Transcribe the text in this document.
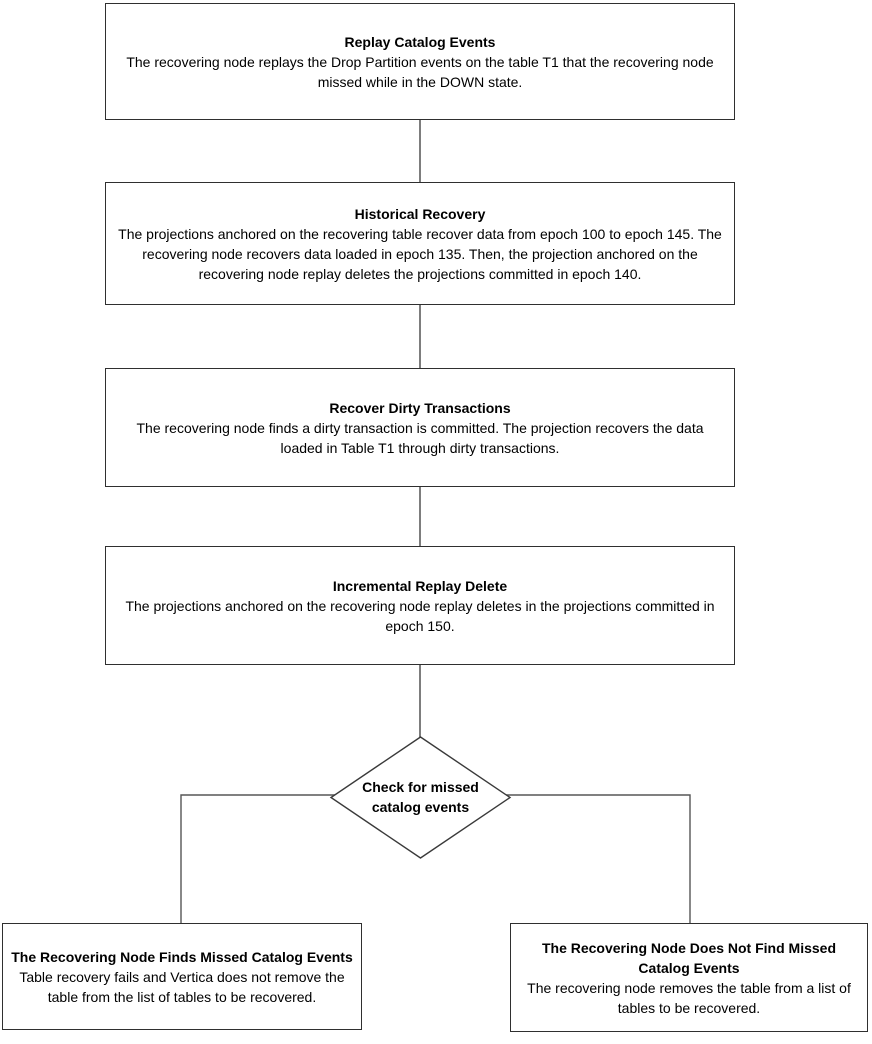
Replay Catalog Events
The recovering node replays the Drop Partition events on the table T1 that the recovering node missed while in the DOWN state.
Historical Recovery
The projections anchored on the recovering table recover data from epoch 100 to epoch 145. The recovering node recovers data loaded in epoch 135. Then, the projection anchored on the recovering node replay deletes the projections committed in epoch 140.
Recover Dirty Transactions
The recovering node finds a dirty transaction is committed. The projection recovers the data loaded in Table T1 through dirty transactions.
Incremental Replay Delete
The projections anchored on the recovering node replay deletes in the projections committed in epoch 150.
Check for missed catalog events
The Recovering Node Finds Missed Catalog Events
Table recovery fails and Vertica does not remove the table from the list of tables to be recovered.
The Recovering Node Does Not Find Missed Catalog Events
The recovering node removes the table from a list of tables to be recovered.
